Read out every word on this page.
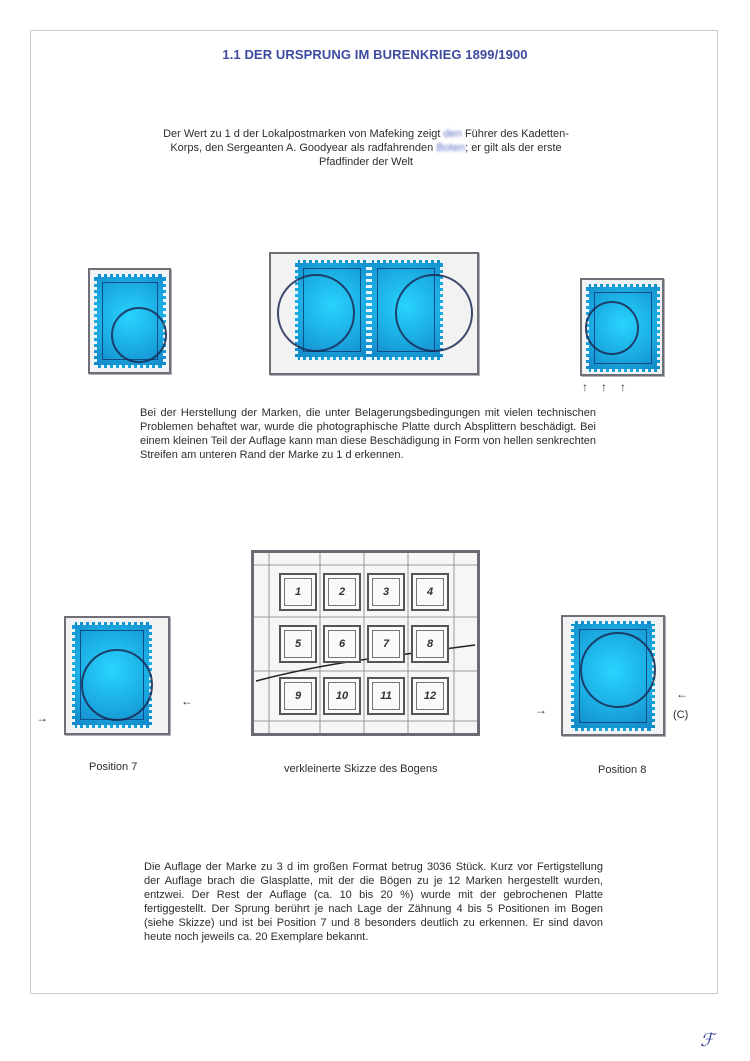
1.1 DER URSPRUNG IM BURENKRIEG 1899/1900
Der Wert zu 1 d der Lokalpostmarken von Mafeking zeigt den Führer des Kadetten-Korps, den Sergeanten A. Goodyear als radfahrenden Boten; er gilt als der erste Pfadfinder der Welt
↑ ↑ ↑
Bei der Herstellung der Marken, die unter Belagerungsbedingungen mit vielen technischen Problemen behaftet war, wurde die photographische Platte durch Absplittern beschädigt. Bei einem kleinen Teil der Auflage kann man diese Beschädigung in Form von hellen senkrechten Streifen am unteren Rand der Marke zu 1 d erkennen.
→
←
Position 7
1	2	3	4
5	6	7	8
9	10	11	12
verkleinerte Skizze des Bogens
→
←
(C)
Position 8
Die Auflage der Marke zu 3 d im großen Format betrug 3036 Stück. Kurz vor Fertigstellung der Auflage brach die Glasplatte, mit der die Bögen zu je 12 Marken hergestellt wurden, entzwei. Der Rest der Auflage (ca. 10 bis 20 %) wurde mit der gebrochenen Platte fertiggestellt. Der Sprung berührt je nach Lage der Zähnung 4 bis 5 Positionen im Bogen (siehe Skizze) und ist bei Position 7 und 8 besonders deutlich zu erkennen. Er sind davon heute noch jeweils ca. 20 Exemplare bekannt.
ℱ
